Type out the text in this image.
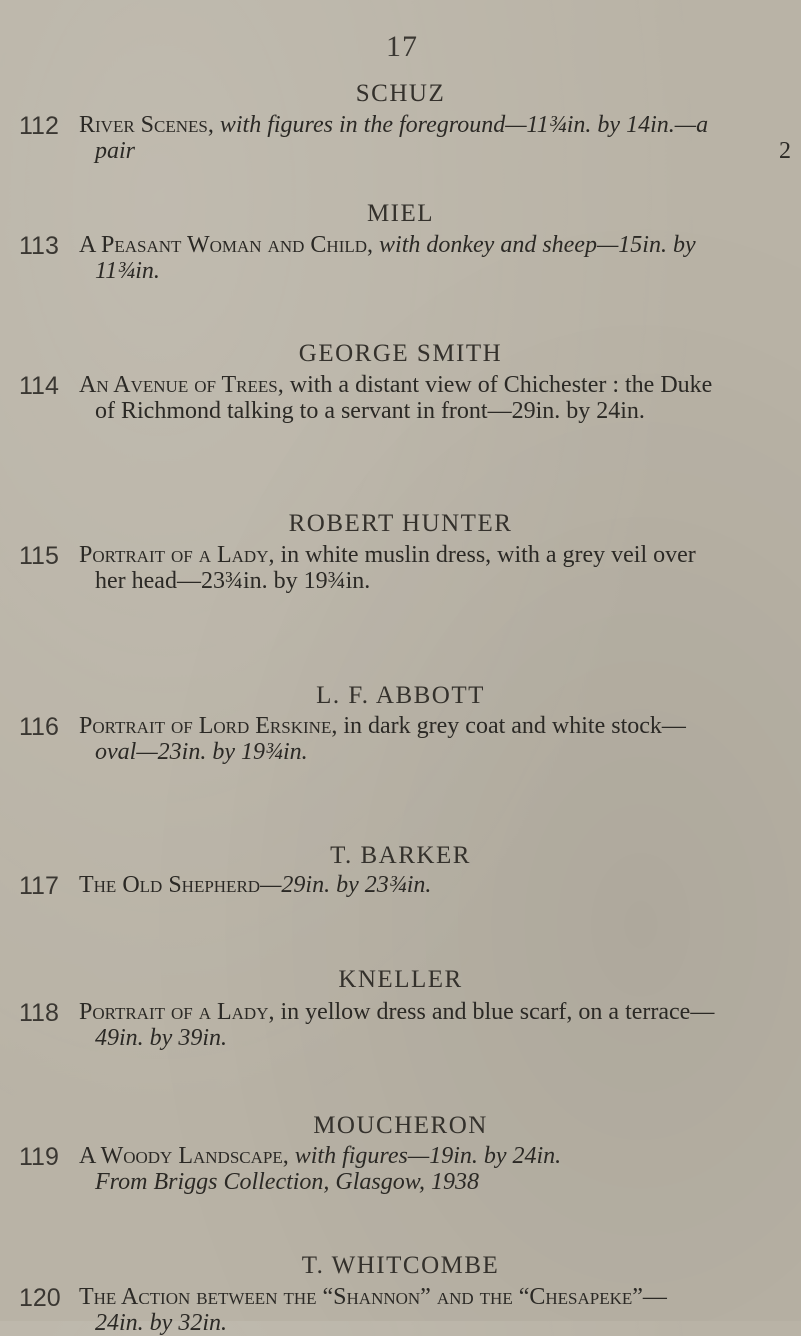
17
SCHUZ
112 River Scenes, with figures in the foreground—11¾in. by 14in.—a
pair	2
MIEL
113 A Peasant Woman and Child, with donkey and sheep—15in. by
11¾in.
GEORGE SMITH
114 An Avenue of Trees, with a distant view of Chichester : the Duke
of Richmond talking to a servant in front—29in. by 24in.
ROBERT HUNTER
115 Portrait of a Lady, in white muslin dress, with a grey veil over
her head—23¾in. by 19¾in.
L. F. ABBOTT
116 Portrait of Lord Erskine, in dark grey coat and white stock—
oval—23in. by 19¾in.
T. BARKER
117 The Old Shepherd—29in. by 23¾in.
KNELLER
118 Portrait of a Lady, in yellow dress and blue scarf, on a terrace—
49in. by 39in.
MOUCHERON
119 A Woody Landscape, with figures—19in. by 24in.
From Briggs Collection, Glasgow, 1938
T. WHITCOMBE
120 The Action between the “Shannon” and the “Chesapeke”—
24in. by 32in.
